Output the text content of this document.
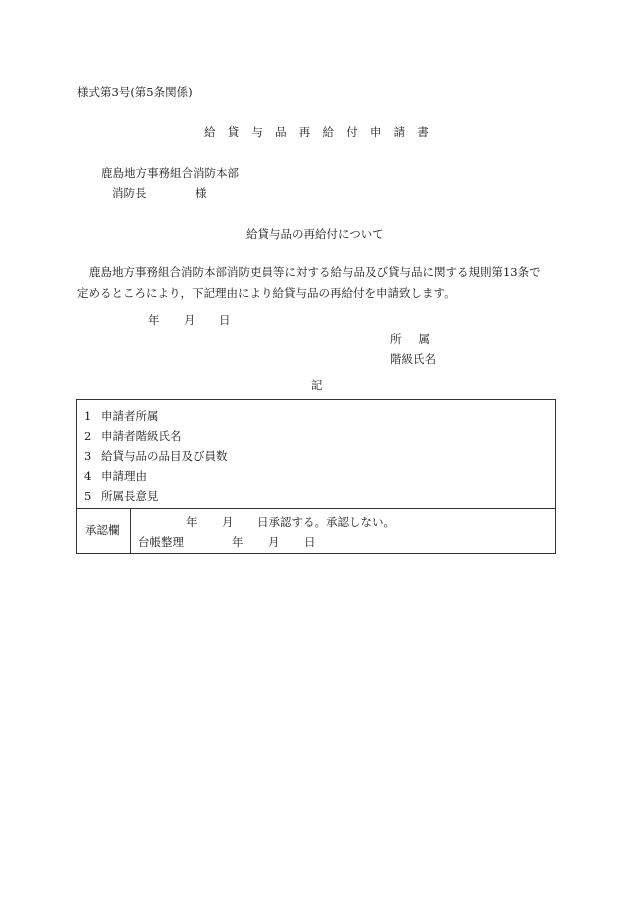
様式第3号(第5条関係)
給貸与品再給付申請書
鹿島地方事務組合消防本部
消防長	様
給貸与品の再給付について
鹿島地方事務組合消防本部消防吏員等に対する給与品及び貸与品に関する規則第13条で
定めるところにより，下記理由により給貸与品の再給付を申請致します。
年 月 日
所属
階級氏名
記
1 申請者所属
2 申請者階級氏名
3 給貸与品の品目及び員数
4 申請理由
5 所属長意見
承認欄
年 月 日承認する。承認しない。
台帳整理	年 月 日
